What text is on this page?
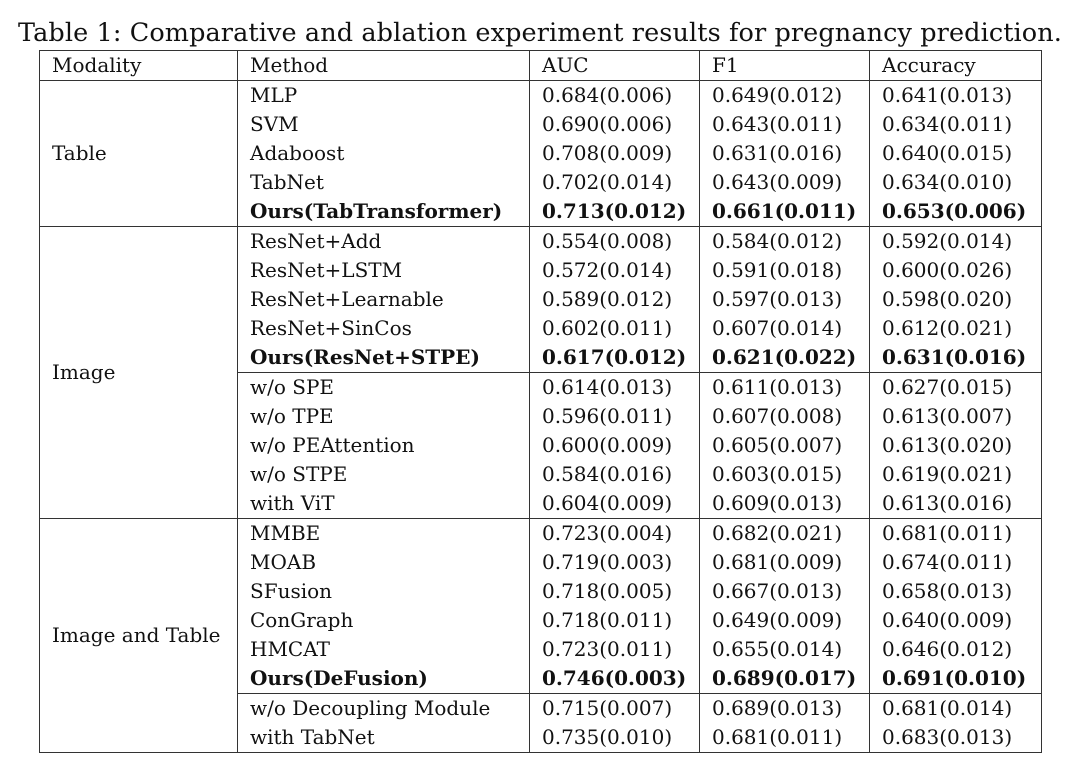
Table 1: Comparative and ablation experiment results for pregnancy prediction.
Modality	Method	AUC	F1	Accuracy
Table	MLP	0.684(0.006)	0.649(0.012)	0.641(0.013)
	SVM	0.690(0.006)	0.643(0.011)	0.634(0.011)
	Adaboost	0.708(0.009)	0.631(0.016)	0.640(0.015)
	TabNet	0.702(0.014)	0.643(0.009)	0.634(0.010)
	Ours(TabTransformer)	0.713(0.012)	0.661(0.011)	0.653(0.006)
Image	ResNet+Add	0.554(0.008)	0.584(0.012)	0.592(0.014)
	ResNet+LSTM	0.572(0.014)	0.591(0.018)	0.600(0.026)
	ResNet+Learnable	0.589(0.012)	0.597(0.013)	0.598(0.020)
	ResNet+SinCos	0.602(0.011)	0.607(0.014)	0.612(0.021)
	Ours(ResNet+STPE)	0.617(0.012)	0.621(0.022)	0.631(0.016)
	w/o SPE	0.614(0.013)	0.611(0.013)	0.627(0.015)
	w/o TPE	0.596(0.011)	0.607(0.008)	0.613(0.007)
	w/o PEAttention	0.600(0.009)	0.605(0.007)	0.613(0.020)
	w/o STPE	0.584(0.016)	0.603(0.015)	0.619(0.021)
	with ViT	0.604(0.009)	0.609(0.013)	0.613(0.016)
Image and Table	MMBE	0.723(0.004)	0.682(0.021)	0.681(0.011)
	MOAB	0.719(0.003)	0.681(0.009)	0.674(0.011)
	SFusion	0.718(0.005)	0.667(0.013)	0.658(0.013)
	ConGraph	0.718(0.011)	0.649(0.009)	0.640(0.009)
	HMCAT	0.723(0.011)	0.655(0.014)	0.646(0.012)
	Ours(DeFusion)	0.746(0.003)	0.689(0.017)	0.691(0.010)
	w/o Decoupling Module	0.715(0.007)	0.689(0.013)	0.681(0.014)
	with TabNet	0.735(0.010)	0.681(0.011)	0.683(0.013)
